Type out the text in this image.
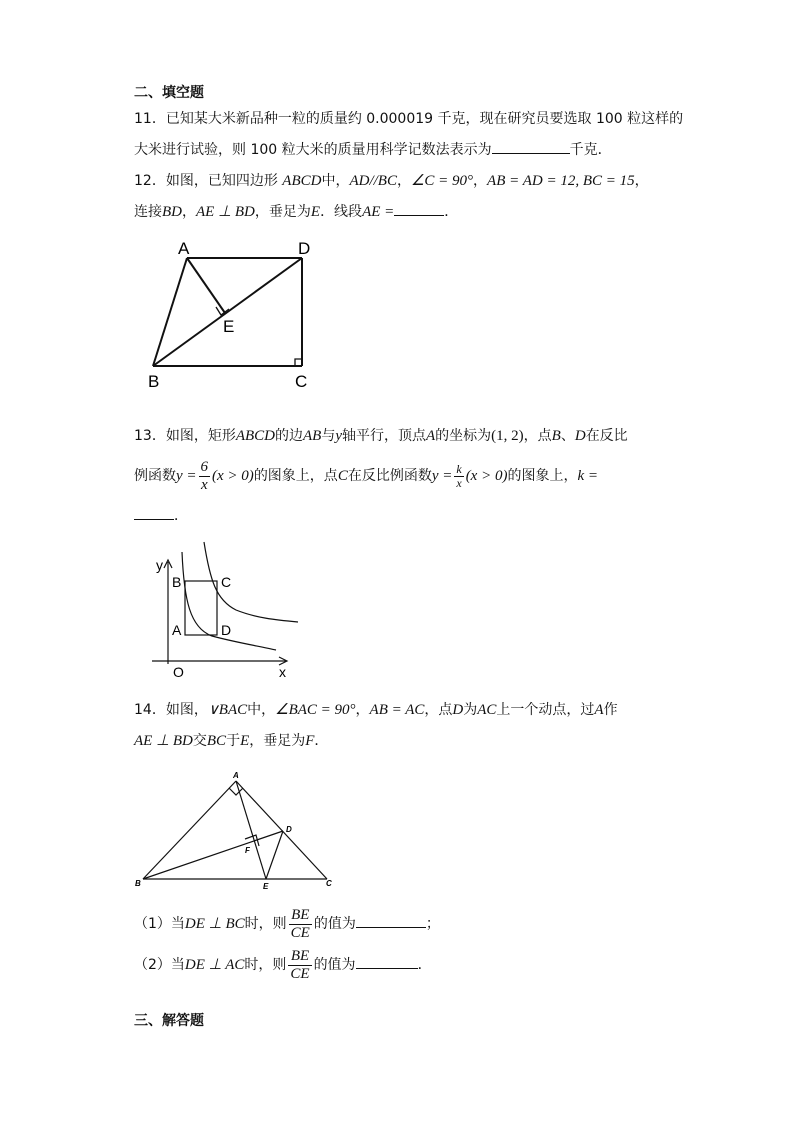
二、填空题
11．已知某大米新品种一粒的质量约 0.000019 千克，现在研究员要选取 100 粒这样的
大米进行试验，则 100 粒大米的质量用科学记数法表示为	千克．
12．如图，已知四边形 ABCD中，AD//BC，∠C = 90°，AB = AD = 12, BC = 15，
连接BD，AE ⊥ BD，垂足为E．线段AE =	．
A	D
E
B	C
13．如图，矩形ABCD的边AB与y轴平行，顶点A的坐标为(1, 2)，点B、D在反比
例函数$y = \frac{6}{x} (x > 0)$的图象上，点C在反比例函数$y = \frac{k}{x} (x > 0)$的图象上，k =
．
y
x
O
B	C
A	D
14．如图，∨BAC中，∠BAC = 90°，AB = AC，点D为AC上一个动点，过A作
AE ⊥ BD交BC于E，垂足为F．
A
B	C
D
E
F
（1）当DE ⊥ BC时，则 $\frac{BE}{CE}$ 的值为	；
（2）当DE ⊥ AC时，则 $\frac{BE}{CE}$ 的值为	．
三、解答题
